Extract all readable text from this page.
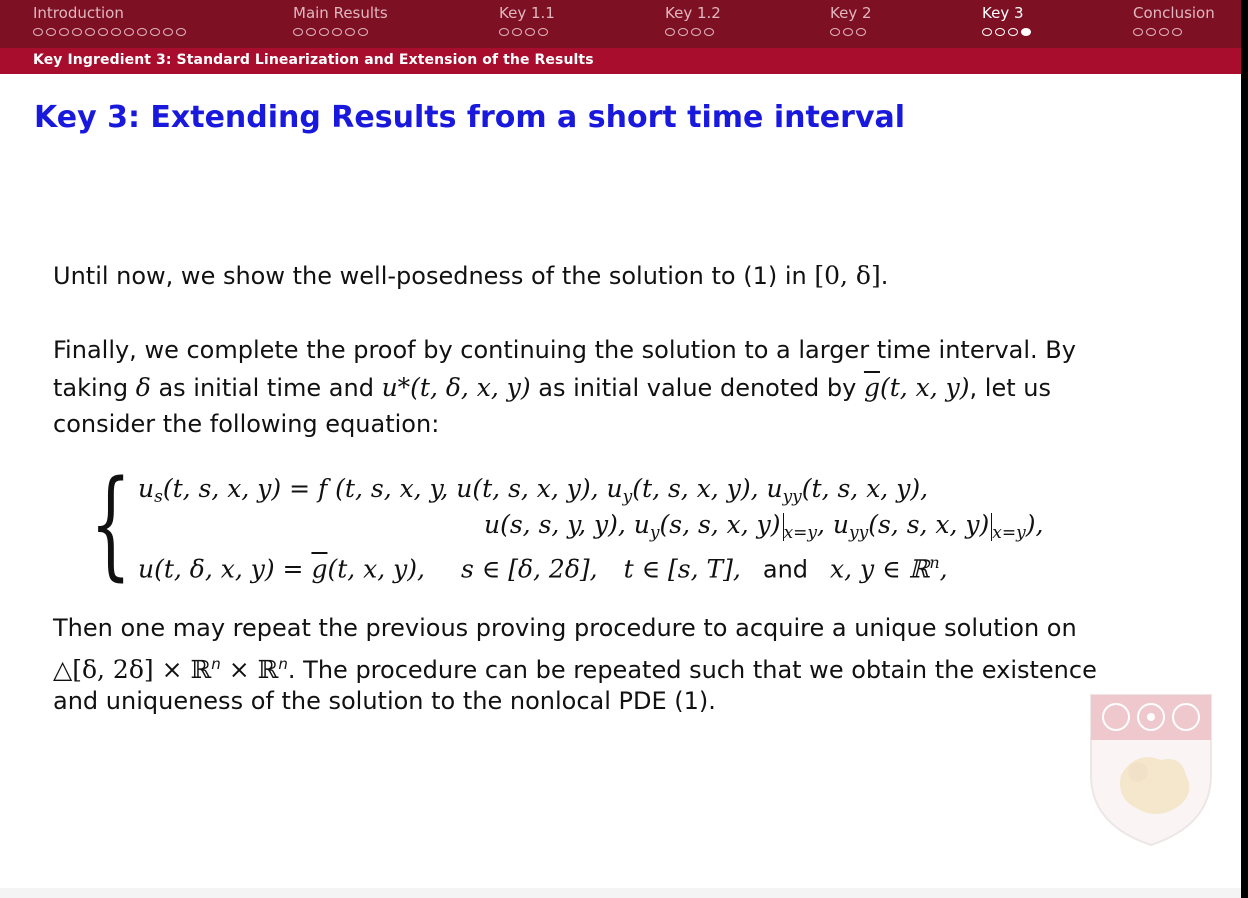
Introduction	Main Results	Key 1.1	Key 1.2	Key 2	Key 3	Conclusion
Key Ingredient 3: Standard Linearization and Extension of the Results
Key 3: Extending Results from a short time interval

Until now, we show the well-posedness of the solution to (1) in [0, δ].

Finally, we complete the proof by continuing the solution to a larger time interval. By

taking δ as initial time and u*(t, δ, x, y) as initial value denoted by $\overline{g}(t$, x, y), let us

consider the following equation:

{ $u_s(t$, s, x, y) = f (t, s, x, y, u(t, s, x, y), $u_y(t$, s, x, y), $u_{yy}(t$, s, x, y),
u(s, s, y, y), $u_y(s$, s, x, y) $_{x=y}$, $u_{yy}(s$, s, x, y) $_{x=y}$),
u(t, δ, x, $y) = \overline{g}(t$, x, y), s ∈ [δ, 2δ], t ∈ [s, T], and x, y ∈ ℝ$^n$,

Then one may repeat the previous proving procedure to acquire a unique solution on

△[δ, 2δ] × ℝ$^n$ × ℝ$^n$. The procedure can be repeated such that we obtain the existence

and uniqueness of the solution to the nonlocal PDE (1).
